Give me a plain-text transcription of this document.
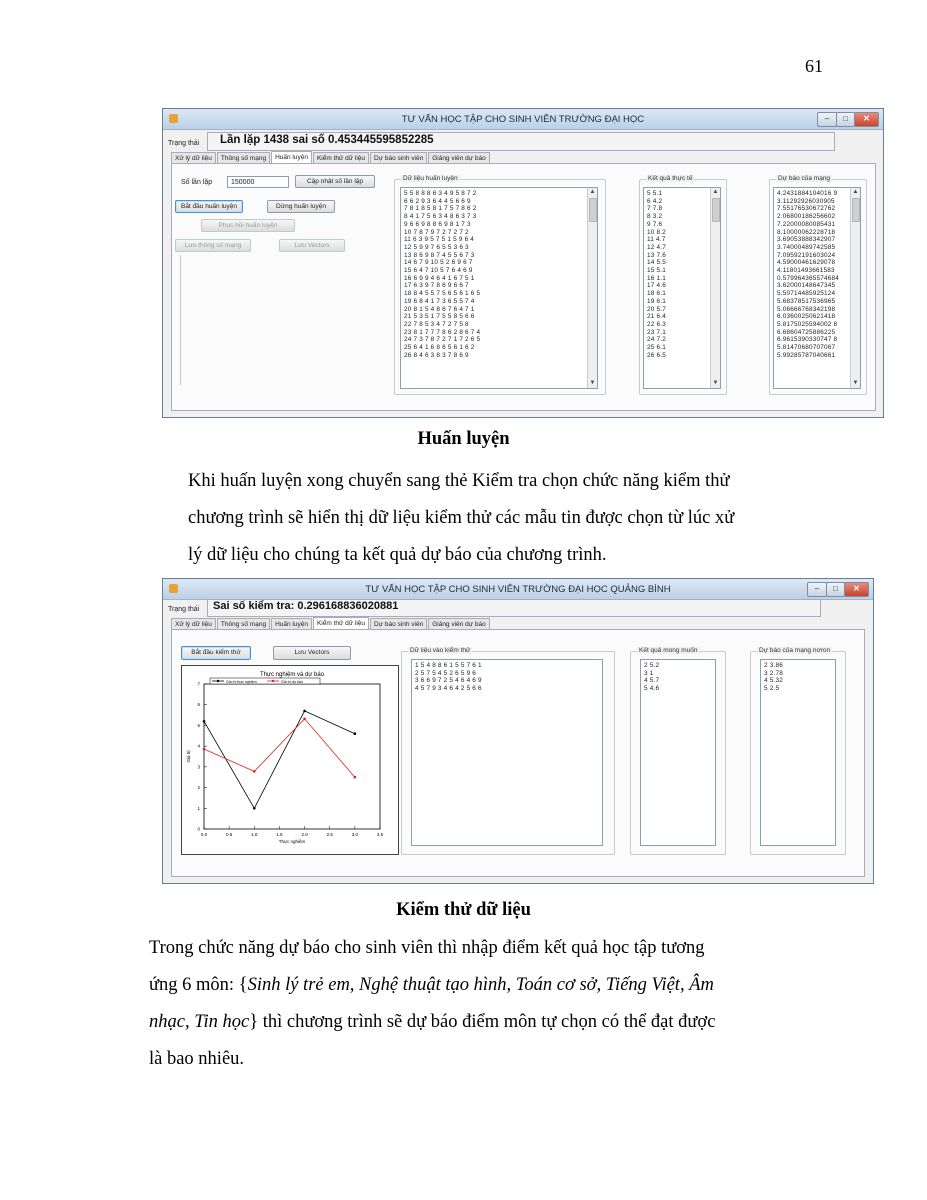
61
TƯ VẤN HỌC TẬP CHO SINH VIÊN TRƯỜNG ĐẠI HỌC	–	□	✕
Trạng thái Lần lặp 1438 sai số 0.453445595852285
Xử lý dữ liệu	Thông số mạng	Huấn luyện	Kiểm thử dữ liệu	Dự báo sinh viên	Giảng viên dự báo
Số lần lặp	150000	Cập nhật số lần lặp
Bắt đầu huấn luyện	Dừng huấn luyện
Phục hồi huấn luyện
Lưu thông số mạng	Lưu Vectors
Dữ liệu huấn luyện
5 5 8 8 8 6 3 4 9 5 8 7 2
6 6 2 9 3 6 4 4 5 6 6 9
7 8 1 8 5 8 1 7 5 7 8 6 2
8 4 1 7 5 6 3 4 8 6 3 7 3
9 6 6 9 8 8 6 9 8 1 7 3
10 7 8 7 9 7 2 7 2 7 2
11 6 3 9 5 7 5 1 5 9 6 4
12 5 9 9 7 6 5 5 3 6 3
13 8 6 9 8 7 4 5 5 6 7 3
14 6 7 9 10 5 2 6 9 6 7
15 6 4 7 10 5 7 6 4 6 9
16 6 9 9 4 6 4 1 6 7 5 1
17 6 3 9 7 8 6 9 6 6 7
18 8 4 5 5 7 5 6 5 6 1 6 5
19 6 8 4 1 7 3 6 5 5 7 4
20 8 1 5 4 8 6 7 6 4 7 1
21 5 3 5 1 7 5 5 8 5 6 6
22 7 8 5 3 4 7 2 7 5 8
23 8 1 7 7 7 8 6 2 8 6 7 4
24 7 3 7 8 7 2 7 1 7 2 6 5
25 6 4 1 6 8 6 5 6 1 6 2
26 8 4 6 3 8 3 7 8 6 9
▲
▼
Kết quả thực tế
5 5.1
6 4.2
7 7.8
8 3.2
9 7.6
10 8.2
11 4.7
12 4.7
13 7.6
14 5.5
15 5.1
16 1.1
17 4.6
18 6.1
19 6.1
20 5.7
21 6.4
22 6.3
23 7.1
24 7.2
25 6.1
26 6.5
▲
▼
Dự báo của mạng
4.2431884104016 9
3.11292926030905
7.55176530672762
2.06800186256602
7.22000080085431
8.10000062228718
3.69053888342907
3.74000489742585
7.09592191603024
4.59000461629078
4.11801493661583
0.579964365574684
3.62000148647345
5.50714485925124
5.68378517536965
5.06666768342198
6.03600250621418
5.8175025594002 8
6.68604725886225
6.9615390330747 8
5.81470680707067
5.99285787040661
▲
▼
Huấn luyện
Khi huấn luyện xong chuyển sang thẻ Kiểm tra chọn chức năng kiểm thử
chương trình sẽ hiển thị dữ liệu kiểm thử các mẫu tin được chọn từ lúc xử
lý dữ liệu cho chúng ta kết quả dự báo của chương trình.
TƯ VẤN HỌC TẬP CHO SINH VIÊN TRƯỜNG ĐẠI HỌC QUẢNG BÌNH	–	□	✕
Trạng thái Sai số kiểm tra: 0.296168836020881
Xử lý dữ liệu	Thông số mạng	Huấn luyện	Kiểm thử dữ liệu	Dự báo sinh viên	Giảng viên dự báo
Bắt đầu kiểm thử	Lưu Vectors
Thực nghiệm và dự báo
Giá trị thực nghiệm	Giá trị dự báo
0.0	0.5	1.0	1.5	2.0	2.5	3.0	3.5
0
1
2
3
4
5
6
7
Thực nghiệm
Giá trị
Dữ liệu vào kiểm thử
1 5 4 8 8 6 1 5 5 7 6 1
2 5 7 5 4 5 2 6 5 9 6
3 6 6 9 7 2 5 4 6 4 6 9
4 5 7 9 3 4 6 4 2 5 6 6
Kết quả mong muốn
2 5.2
3 1
4 5.7
5 4.6
Dự báo của mạng nơron
2 3.86
3 2.78
4 5.32
5 2.5
Kiểm thử dữ liệu
Trong chức năng dự báo cho sinh viên thì nhập điểm kết quả học tập tương
ứng 6 môn: {Sinh lý trẻ em, Nghệ thuật tạo hình, Toán cơ sở, Tiếng Việt, Âm
nhạc, Tin học} thì chương trình sẽ dự báo điểm môn tự chọn có thể đạt được
là bao nhiêu.
